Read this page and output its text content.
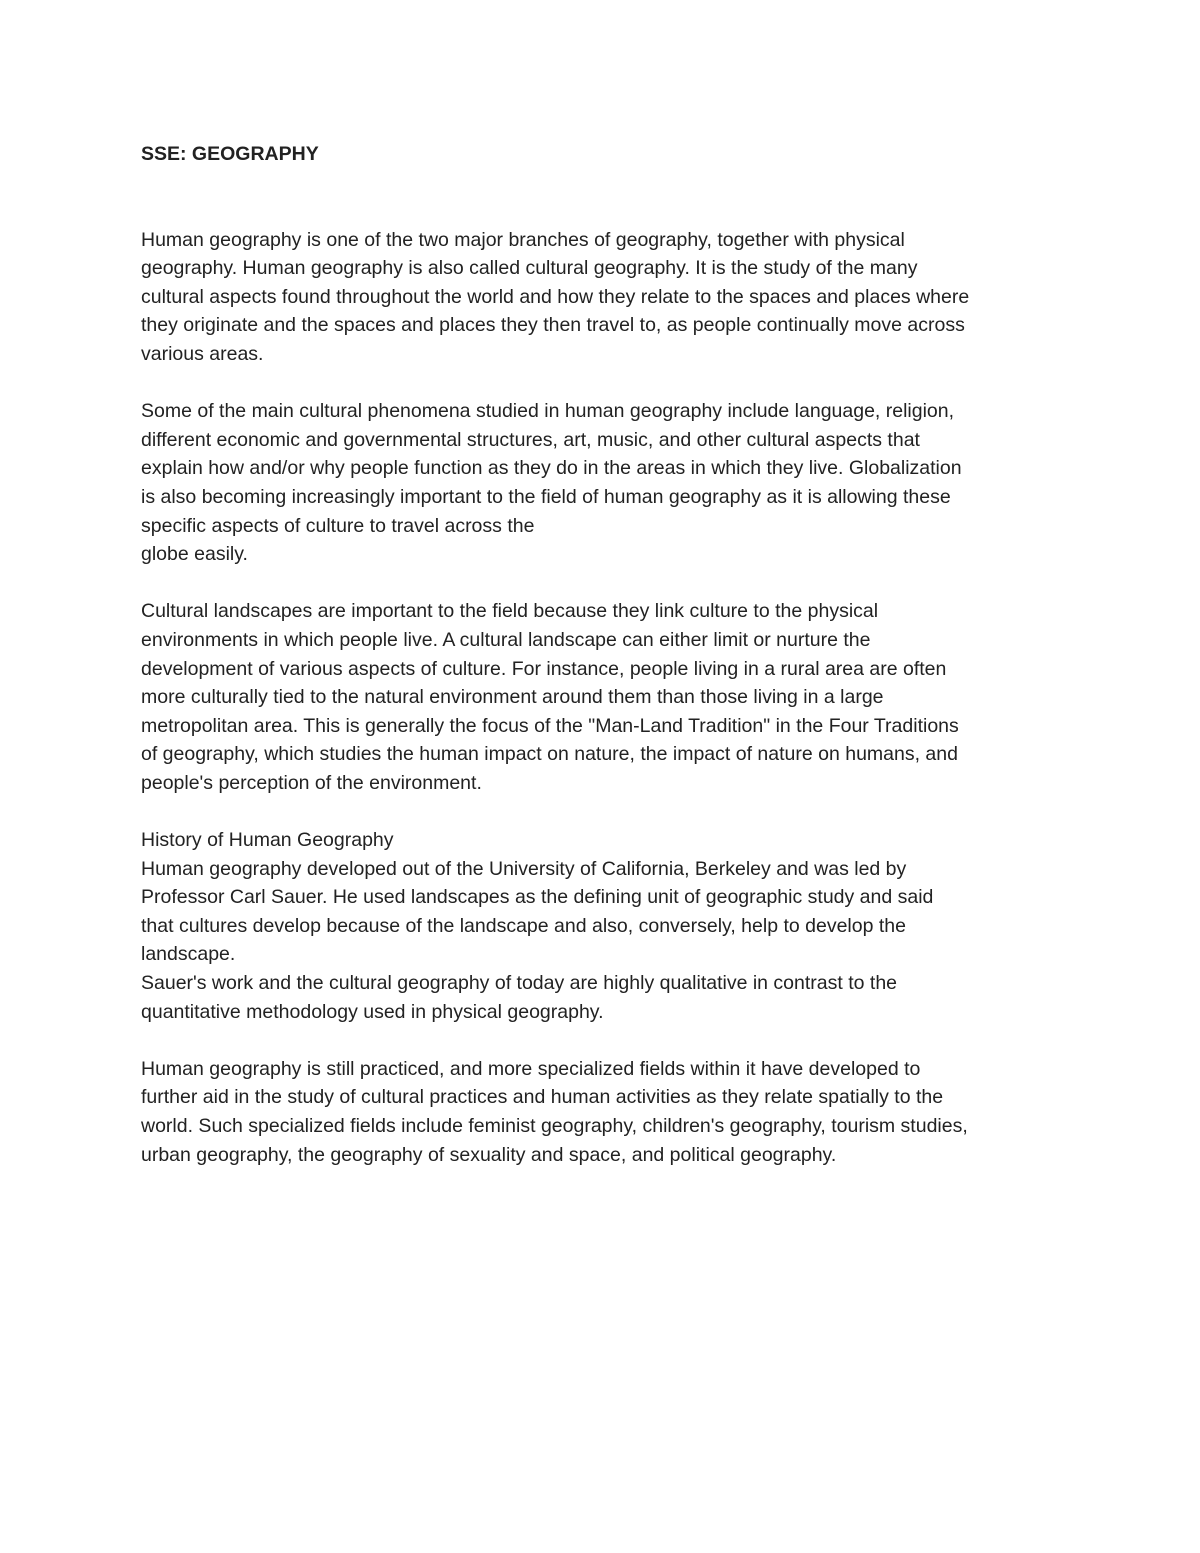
SSE: GEOGRAPHY
Human geography is one of the two major branches of geography, together with physical
geography. Human geography is also called cultural geography. It is the study of the many
cultural aspects found throughout the world and how they relate to the spaces and places where
they originate and the spaces and places they then travel to, as people continually move across
various areas.
Some of the main cultural phenomena studied in human geography include language, religion,
different economic and governmental structures, art, music, and other cultural aspects that
explain how and/or why people function as they do in the areas in which they live. Globalization
is also becoming increasingly important to the field of human geography as it is allowing these
specific aspects of culture to travel across the
globe easily.
Cultural landscapes are important to the field because they link culture to the physical
environments in which people live. A cultural landscape can either limit or nurture the
development of various aspects of culture. For instance, people living in a rural area are often
more culturally tied to the natural environment around them than those living in a large
metropolitan area. This is generally the focus of the "Man-Land Tradition" in the Four Traditions
of geography, which studies the human impact on nature, the impact of nature on humans, and
people's perception of the environment.
History of Human Geography
Human geography developed out of the University of California, Berkeley and was led by
Professor Carl Sauer. He used landscapes as the defining unit of geographic study and said
that cultures develop because of the landscape and also, conversely, help to develop the
landscape.
Sauer's work and the cultural geography of today are highly qualitative in contrast to the
quantitative methodology used in physical geography.
Human geography is still practiced, and more specialized fields within it have developed to
further aid in the study of cultural practices and human activities as they relate spatially to the
world. Such specialized fields include feminist geography, children's geography, tourism studies,
urban geography, the geography of sexuality and space, and political geography.
